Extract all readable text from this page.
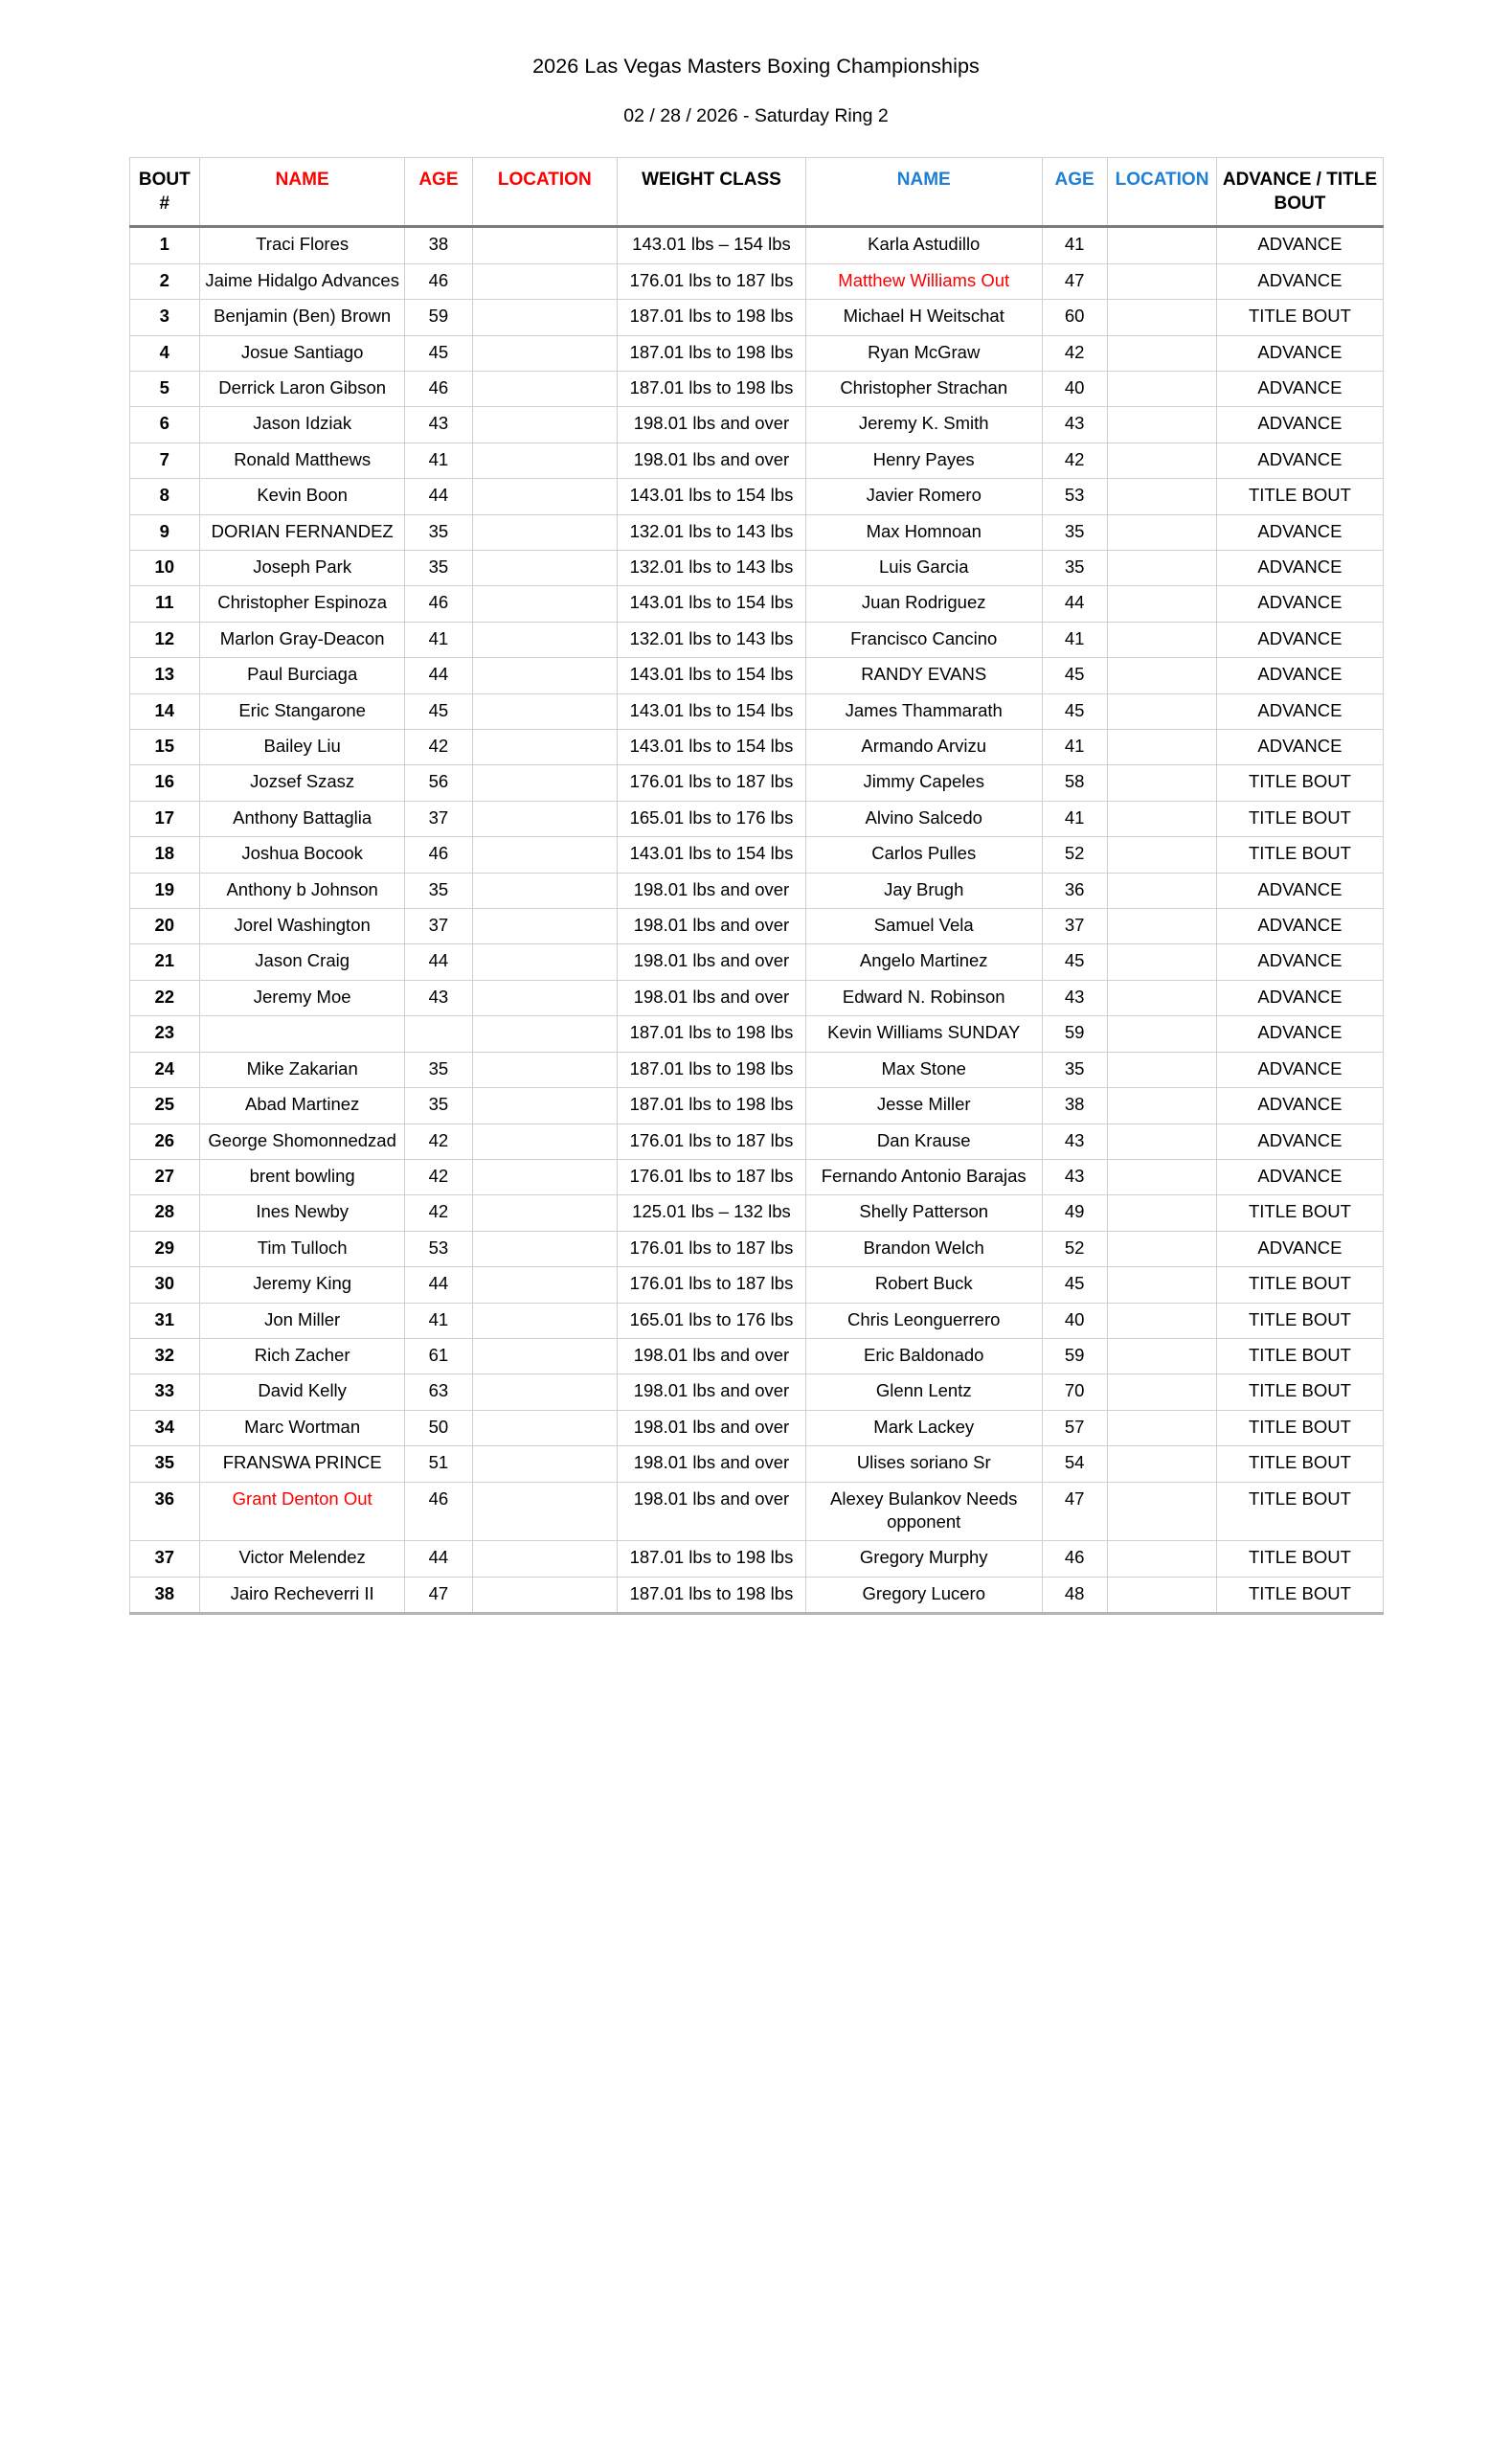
2026 Las Vegas Masters Boxing Championships
02 / 28 / 2026 - Saturday Ring 2
BOUT #	NAME	AGE	LOCATION	WEIGHT CLASS	NAME	AGE	LOCATION	ADVANCE / TITLE BOUT
1	Traci Flores	38		143.01 lbs – 154 lbs	Karla Astudillo	41		ADVANCE
2	Jaime Hidalgo Advances	46		176.01 lbs to 187 lbs	Matthew Williams Out	47		ADVANCE
3	Benjamin (Ben) Brown	59		187.01 lbs to 198 lbs	Michael H Weitschat	60		TITLE BOUT
4	Josue Santiago	45		187.01 lbs to 198 lbs	Ryan McGraw	42		ADVANCE
5	Derrick Laron Gibson	46		187.01 lbs to 198 lbs	Christopher Strachan	40		ADVANCE
6	Jason Idziak	43		198.01 lbs and over	Jeremy K. Smith	43		ADVANCE
7	Ronald Matthews	41		198.01 lbs and over	Henry Payes	42		ADVANCE
8	Kevin Boon	44		143.01 lbs to 154 lbs	Javier Romero	53		TITLE BOUT
9	DORIAN FERNANDEZ	35		132.01 lbs to 143 lbs	Max Homnoan	35		ADVANCE
10	Joseph Park	35		132.01 lbs to 143 lbs	Luis Garcia	35		ADVANCE
11	Christopher Espinoza	46		143.01 lbs to 154 lbs	Juan Rodriguez	44		ADVANCE
12	Marlon Gray-Deacon	41		132.01 lbs to 143 lbs	Francisco Cancino	41		ADVANCE
13	Paul Burciaga	44		143.01 lbs to 154 lbs	RANDY EVANS	45		ADVANCE
14	Eric Stangarone	45		143.01 lbs to 154 lbs	James Thammarath	45		ADVANCE
15	Bailey Liu	42		143.01 lbs to 154 lbs	Armando Arvizu	41		ADVANCE
16	Jozsef Szasz	56		176.01 lbs to 187 lbs	Jimmy Capeles	58		TITLE BOUT
17	Anthony Battaglia	37		165.01 lbs to 176 lbs	Alvino Salcedo	41		TITLE BOUT
18	Joshua Bocook	46		143.01 lbs to 154 lbs	Carlos Pulles	52		TITLE BOUT
19	Anthony b Johnson	35		198.01 lbs and over	Jay Brugh	36		ADVANCE
20	Jorel Washington	37		198.01 lbs and over	Samuel Vela	37		ADVANCE
21	Jason Craig	44		198.01 lbs and over	Angelo Martinez	45		ADVANCE
22	Jeremy Moe	43		198.01 lbs and over	Edward N. Robinson	43		ADVANCE
23				187.01 lbs to 198 lbs	Kevin Williams SUNDAY	59		ADVANCE
24	Mike Zakarian	35		187.01 lbs to 198 lbs	Max Stone	35		ADVANCE
25	Abad Martinez	35		187.01 lbs to 198 lbs	Jesse Miller	38		ADVANCE
26	George Shomonnedzad	42		176.01 lbs to 187 lbs	Dan Krause	43		ADVANCE
27	brent bowling	42		176.01 lbs to 187 lbs	Fernando Antonio Barajas	43		ADVANCE
28	Ines Newby	42		125.01 lbs – 132 lbs	Shelly Patterson	49		TITLE BOUT
29	Tim Tulloch	53		176.01 lbs to 187 lbs	Brandon Welch	52		ADVANCE
30	Jeremy King	44		176.01 lbs to 187 lbs	Robert Buck	45		TITLE BOUT
31	Jon Miller	41		165.01 lbs to 176 lbs	Chris Leonguerrero	40		TITLE BOUT
32	Rich Zacher	61		198.01 lbs and over	Eric Baldonado	59		TITLE BOUT
33	David Kelly	63		198.01 lbs and over	Glenn Lentz	70		TITLE BOUT
34	Marc Wortman	50		198.01 lbs and over	Mark Lackey	57		TITLE BOUT
35	FRANSWA PRINCE	51		198.01 lbs and over	Ulises soriano Sr	54		TITLE BOUT
36	Grant Denton Out	46		198.01 lbs and over	Alexey Bulankov Needs opponent	47		TITLE BOUT
37	Victor Melendez	44		187.01 lbs to 198 lbs	Gregory Murphy	46		TITLE BOUT
38	Jairo Recheverri II	47		187.01 lbs to 198 lbs	Gregory Lucero	48		TITLE BOUT
